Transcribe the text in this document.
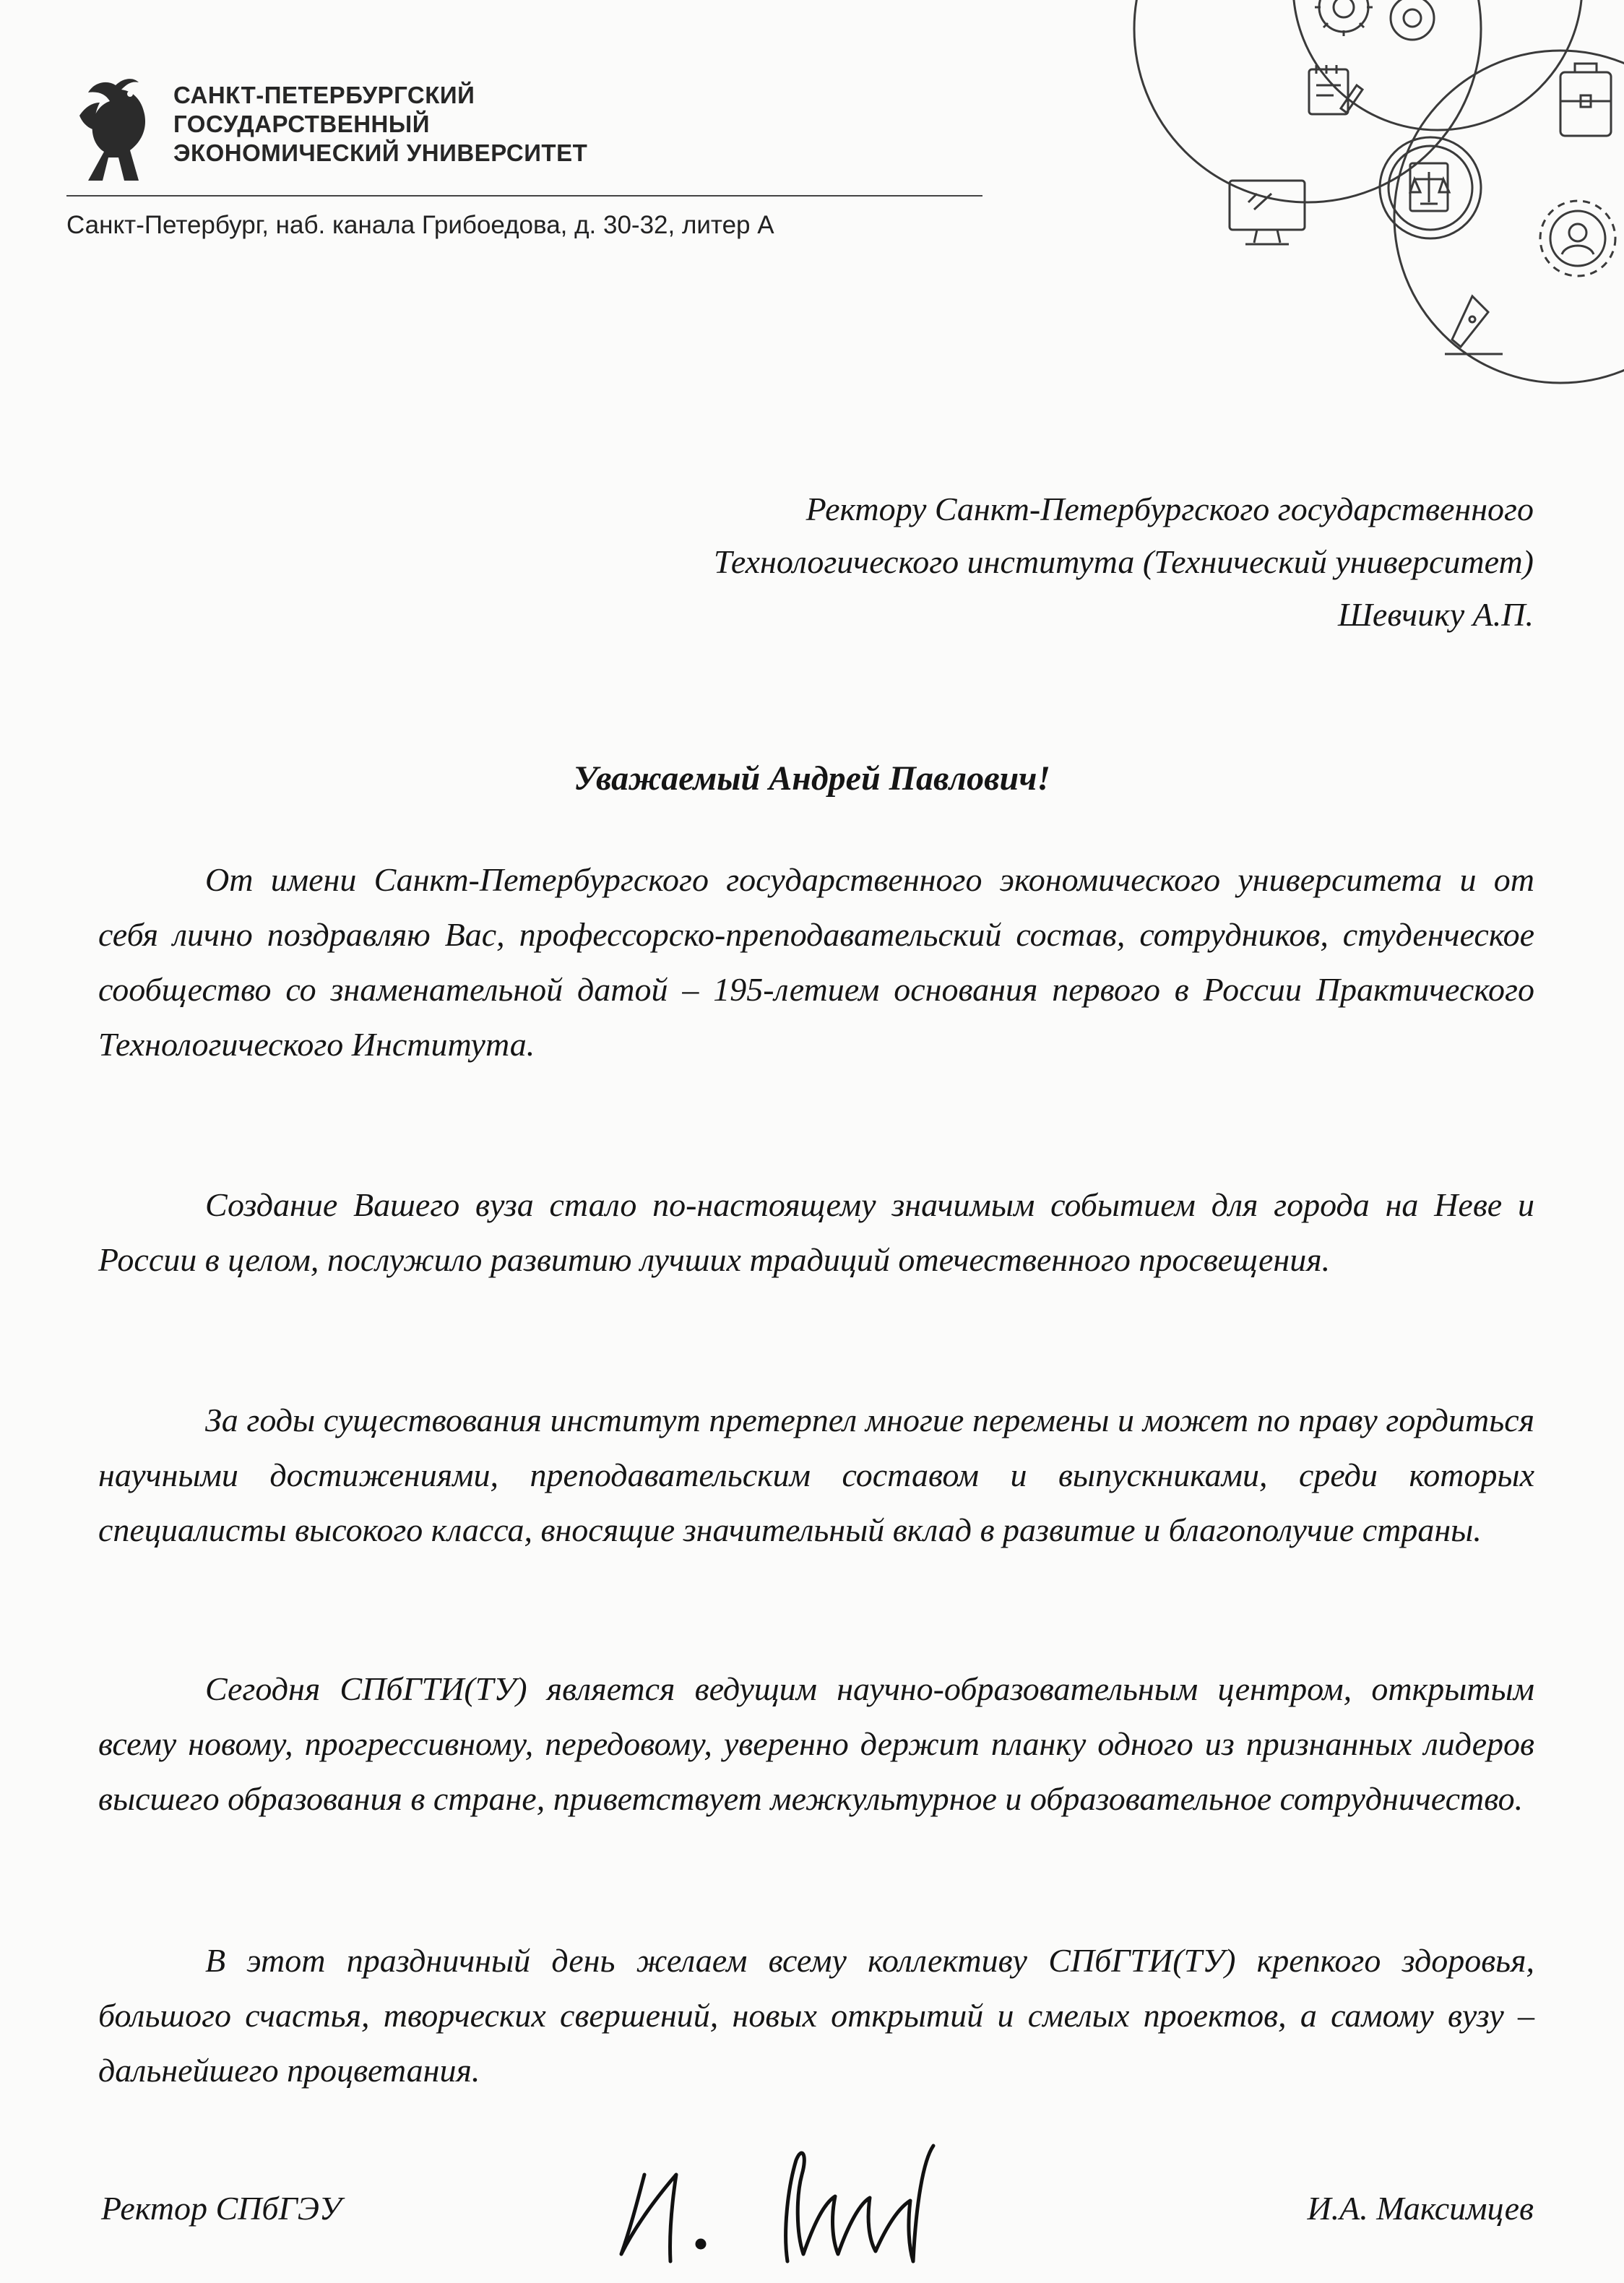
САНКТ-ПЕТЕРБУРГСКИЙ
ГОСУДАРСТВЕННЫЙ
ЭКОНОМИЧЕСКИЙ УНИВЕРСИТЕТ
Санкт-Петербург, наб. канала Грибоедова, д. 30-32, литер А
Ректору Санкт-Петербургского государственного
Технологического института (Технический университет)
Шевчику А.П.
Уважаемый Андрей Павлович!

От имени Санкт-Петербургского государственного экономического университета и от себя лично поздравляю Вас, профессорско-преподавательский состав, сотрудников, студенческое сообщество со знаменательной датой – 195-летием основания первого в России Практического Технологического Института.

Создание Вашего вуза стало по-настоящему значимым событием для города на Неве и России в целом, послужило развитию лучших традиций отечественного просвещения.

За годы существования институт претерпел многие перемены и может по праву гордиться научными достижениями, преподавательским составом и выпускниками, среди которых специалисты высокого класса, вносящие значительный вклад в развитие и благополучие страны.

Сегодня СПбГТИ(ТУ) является ведущим научно-образовательным центром, открытым всему новому, прогрессивному, передовому, уверенно держит планку одного из признанных лидеров высшего образования в стране, приветствует межкультурное и образовательное сотрудничество.

В этот праздничный день желаем всему коллективу СПбГТИ(ТУ) крепкого здоровья, большого счастья, творческих свершений, новых открытий и смелых проектов, а самому вузу – дальнейшего процветания.

Ректор СПбГЭУ	И.А. Максимцев
